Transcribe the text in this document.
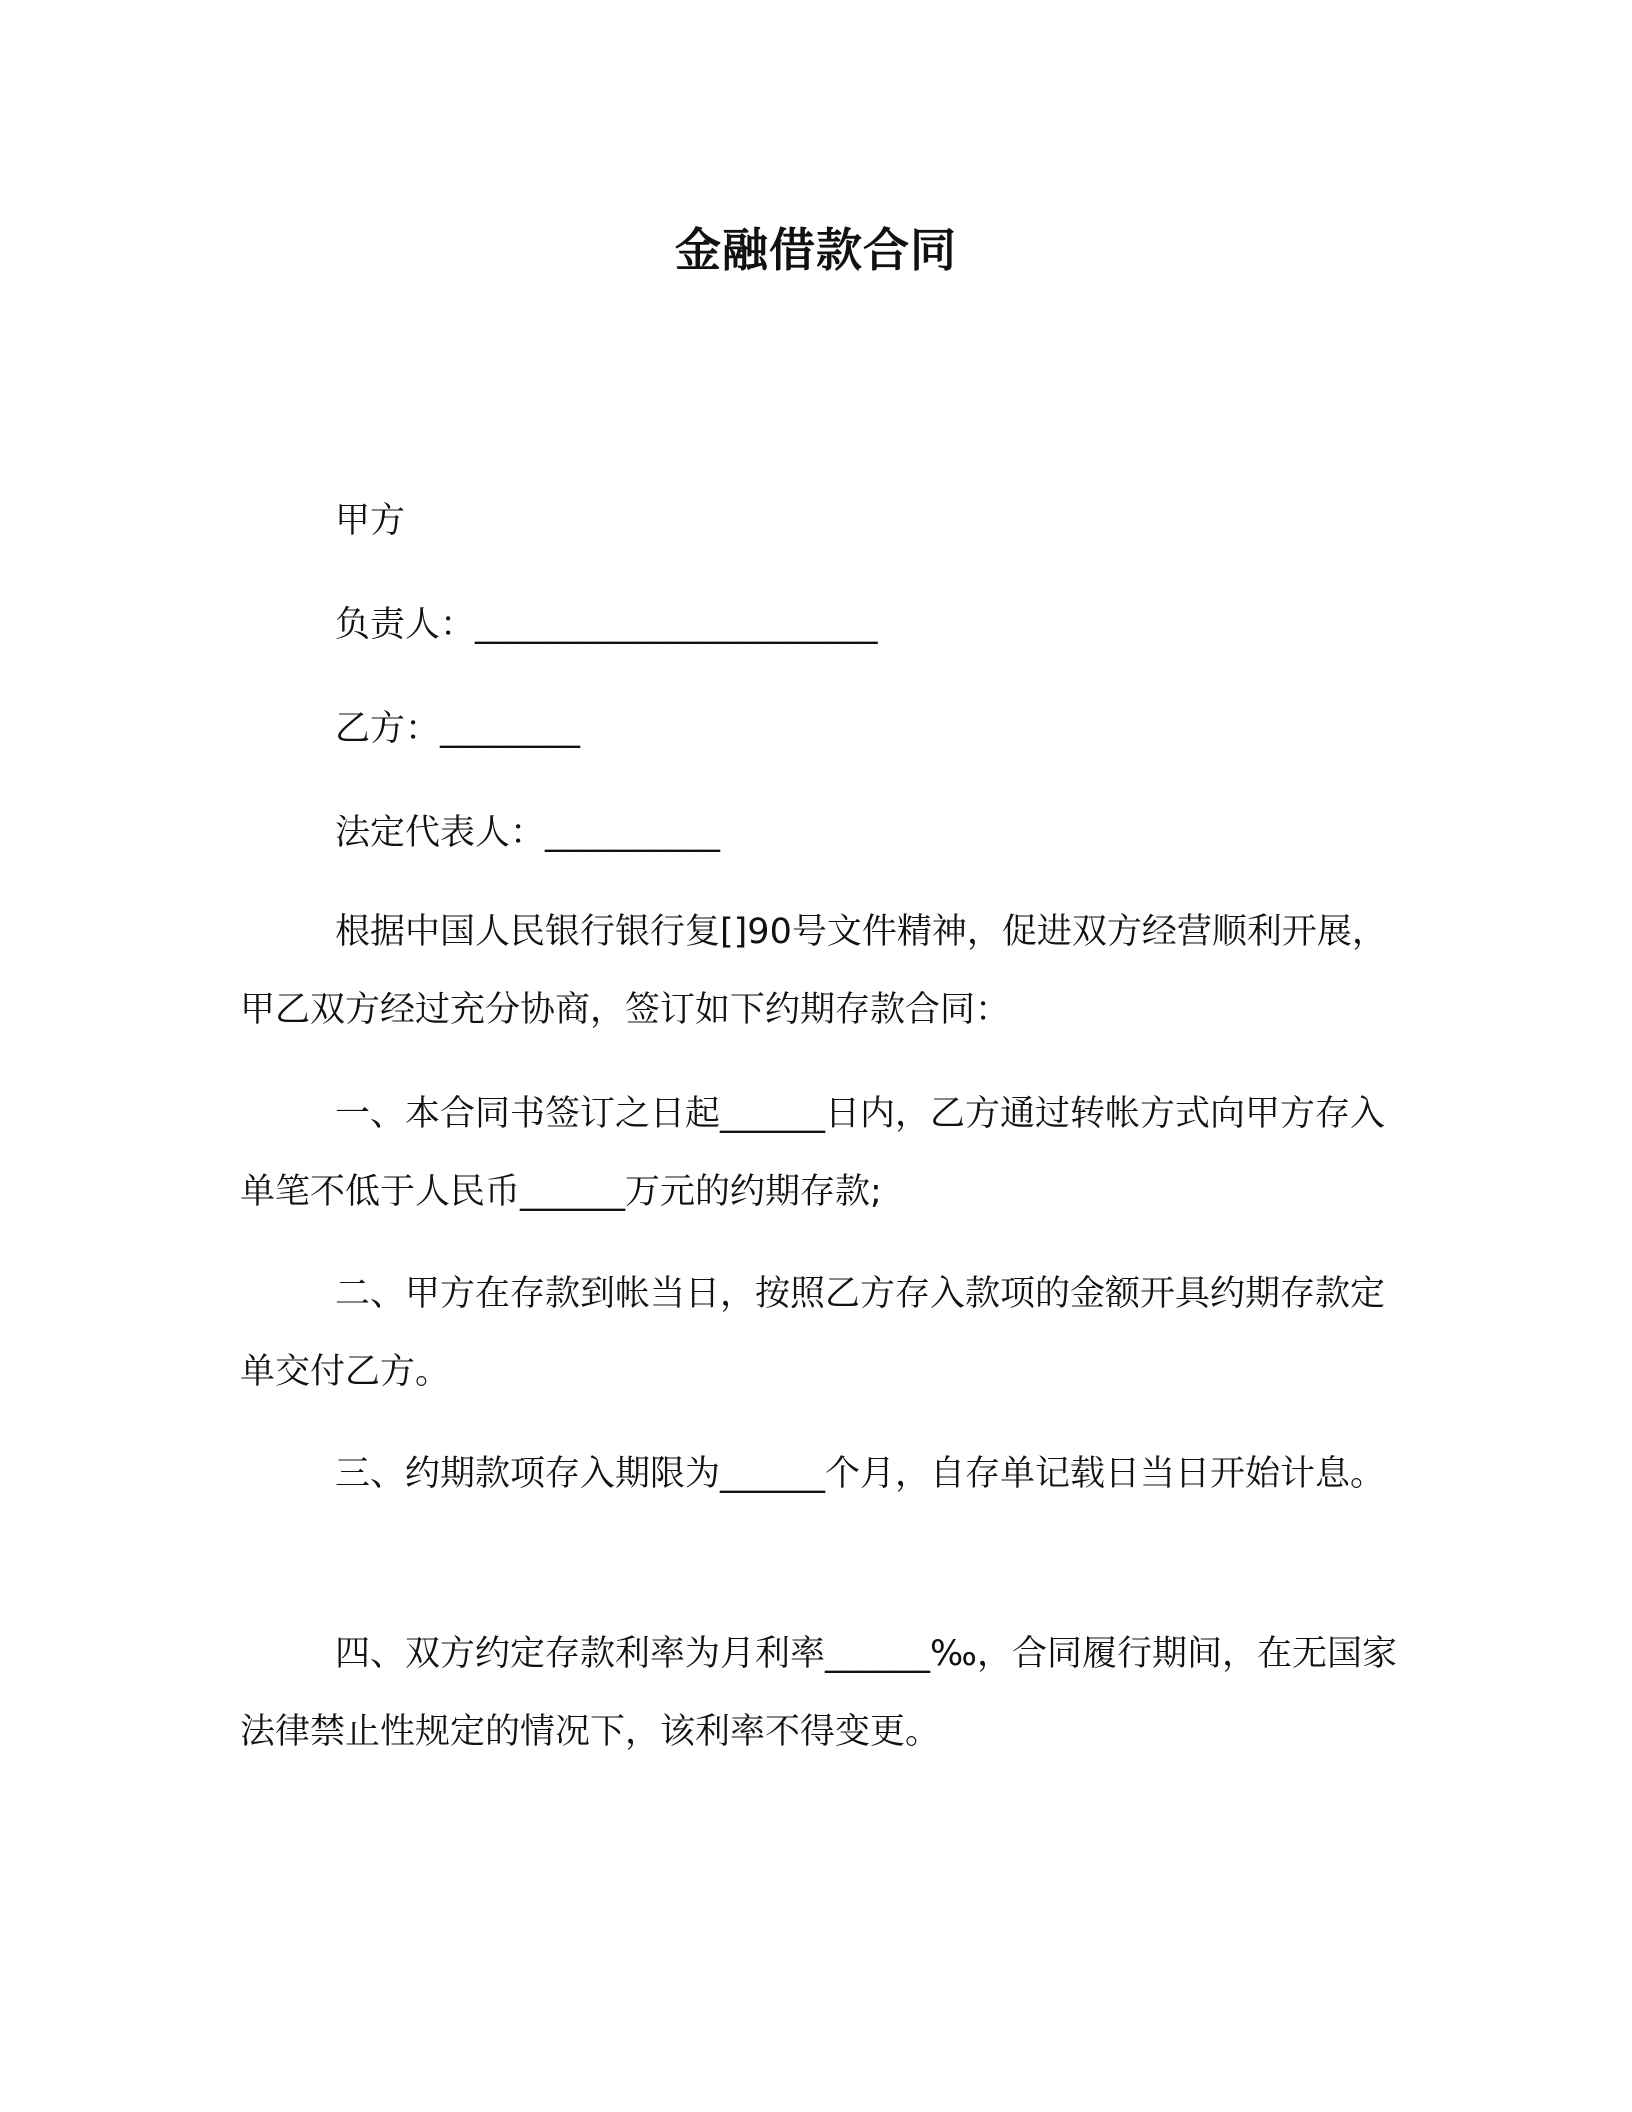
金融借款合同
甲方
负责人：_______________________
乙方：________
法定代表人：__________

根据中国人民银行银行复[]90号文件精神，促进双方经营顺利开展，甲乙双方经过充分协商，签订如下约期存款合同：

一、本合同书签订之日起______日内，乙方通过转帐方式向甲方存入单笔不低于人民币______万元的约期存款;

二、甲方在存款到帐当日，按照乙方存入款项的金额开具约期存款定单交付乙方。

三、约期款项存入期限为______个月，自存单记载日当日开始计息。

四、双方约定存款利率为月利率______‰，合同履行期间，在无国家法律禁止性规定的情况下，该利率不得变更。
